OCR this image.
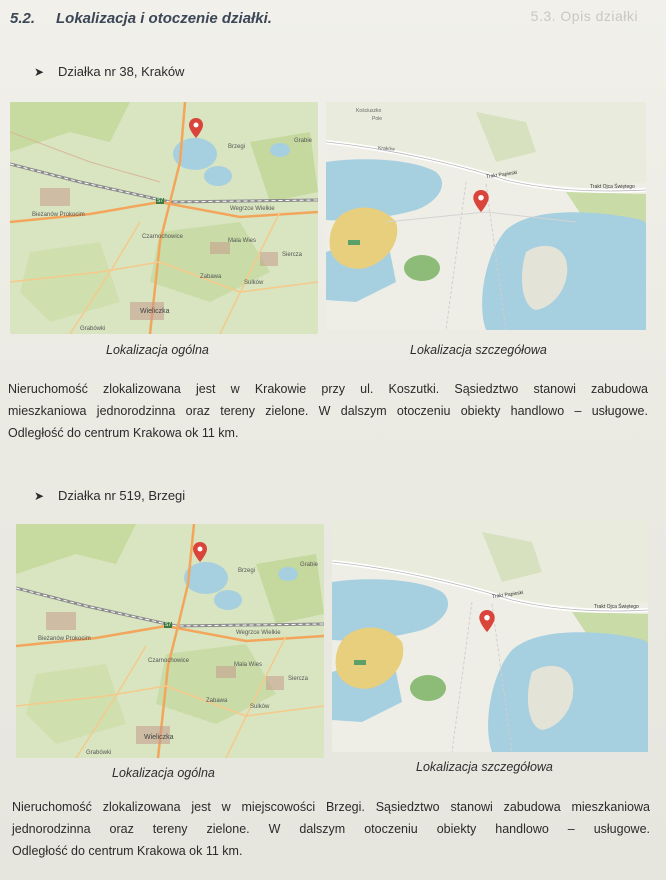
5.3. Opis działki
5.2. Lokalizacja i otoczenie działki.
➤ Działka nr 38, Kraków
Brzegi
Grabie
Bieżanów Prokocim
Wegrzce Wielkie
Czarnochowice
Mala Wies
Zabawa
Wieliczka
Sulków
Grabówki
Siercza
S7
Trakt Papieski
Trakt Ojca Świętego
Kraków
Kościuszko
Pole
Lokalizacja ogólna	Lokalizacja szczegółowa
Nieruchomość zlokalizowana jest w Krakowie przy ul. Koszutki. Sąsiedztwo stanowi zabudowa
mieszkaniowa jednorodzinna oraz tereny zielone. W dalszym otoczeniu obiekty handlowo – usługowe.
Odległość do centrum Krakowa ok 11 km.
➤ Działka nr 519, Brzegi
Brzegi
Grabie
Bieżanów Prokocim
Wegrzce Wielkie
Czarnochowice
Mala Wies
Zabawa
Wieliczka
Sulków
Grabówki
Siercza
S7
Trakt Papieski
Trakt Ojca Świętego
Lokalizacja ogólna	Lokalizacja szczegółowa
Nieruchomość zlokalizowana jest w miejscowości Brzegi. Sąsiedztwo stanowi zabudowa mieszkaniowa
jednorodzinna oraz tereny zielone. W dalszym otoczeniu obiekty handlowo – usługowe.
Odległość do centrum Krakowa ok 11 km.
